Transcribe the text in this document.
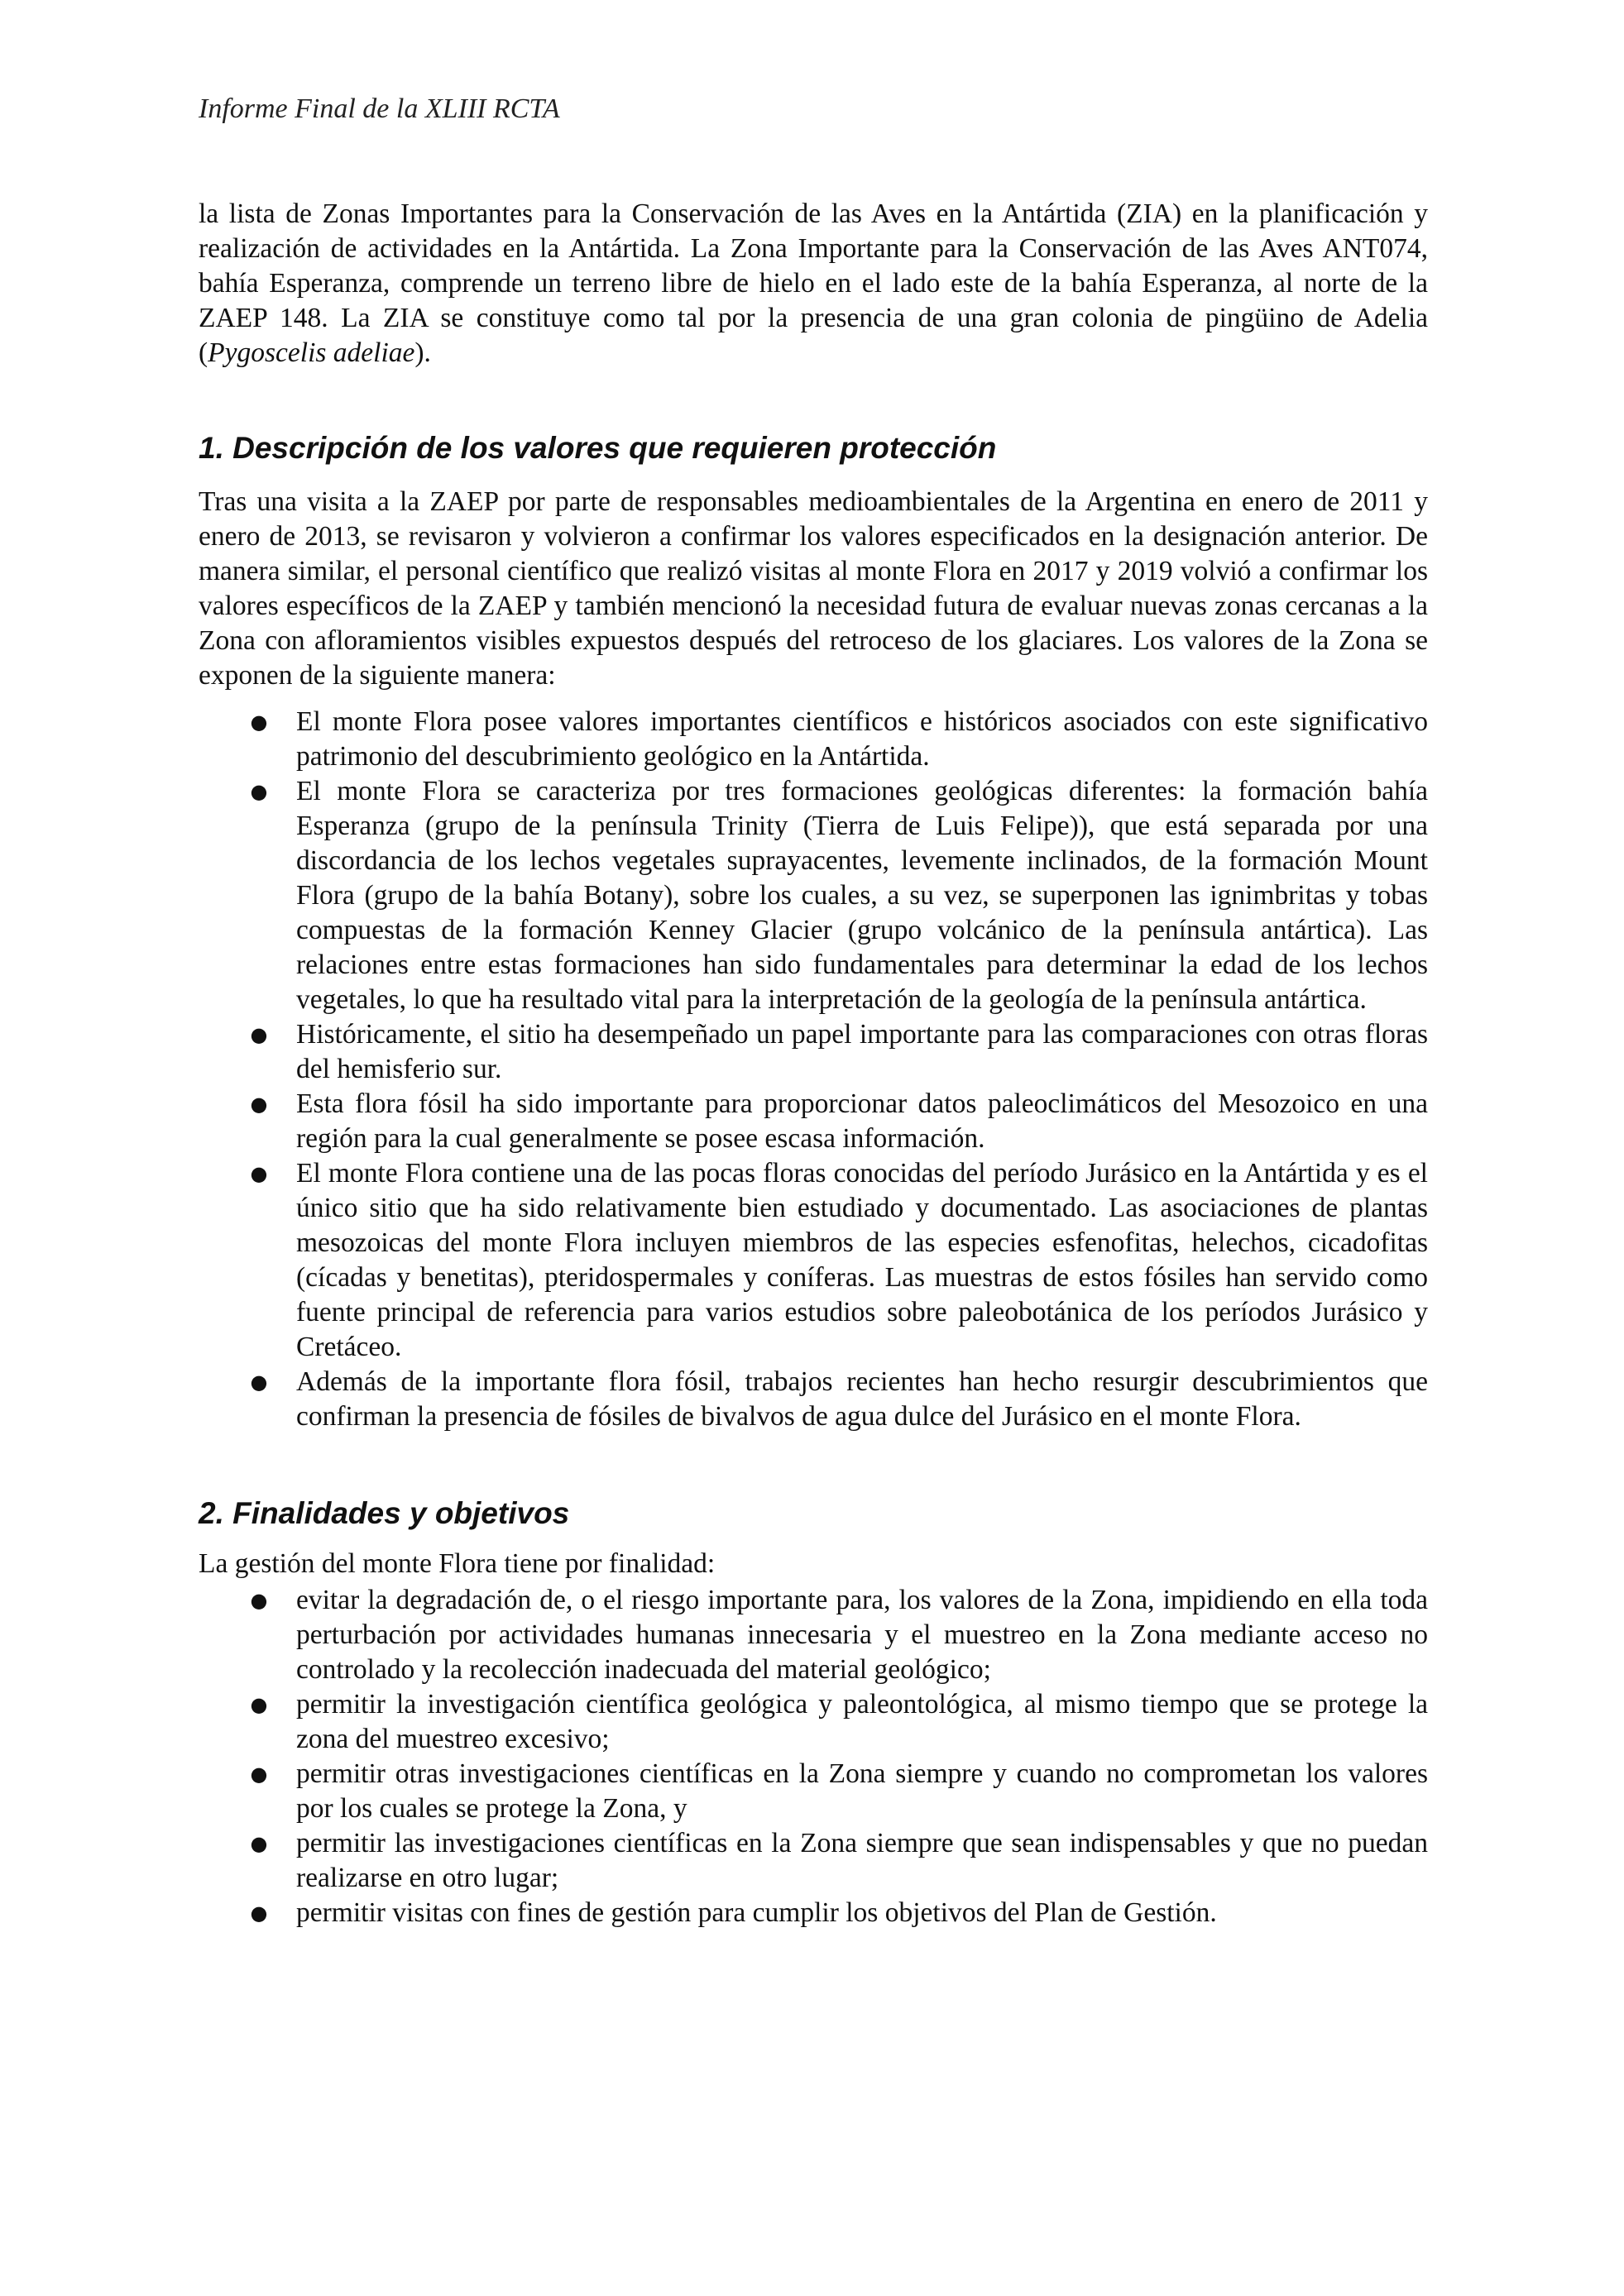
Informe Final de la XLIII RCTA

la lista de Zonas Importantes para la Conservación de las Aves en la Antártida (ZIA) en la planificación y realización de actividades en la Antártida. La Zona Importante para la Conservación de las Aves ANT074, bahía Esperanza, comprende un terreno libre de hielo en el lado este de la bahía Esperanza, al norte de la ZAEP 148. La ZIA se constituye como tal por la presencia de una gran colonia de pingüino de Adelia (Pygoscelis adeliae).

1. Descripción de los valores que requieren protección

Tras una visita a la ZAEP por parte de responsables medioambientales de la Argentina en enero de 2011 y enero de 2013, se revisaron y volvieron a confirmar los valores especificados en la designación anterior. De manera similar, el personal científico que realizó visitas al monte Flora en 2017 y 2019 volvió a confirmar los valores específicos de la ZAEP y también mencionó la necesidad futura de evaluar nuevas zonas cercanas a la Zona con afloramientos visibles expuestos después del retroceso de los glaciares. Los valores de la Zona se exponen de la siguiente manera:

● El monte Flora posee valores importantes científicos e históricos asociados con este significativo patrimonio del descubrimiento geológico en la Antártida.
● El monte Flora se caracteriza por tres formaciones geológicas diferentes: la formación bahía Esperanza (grupo de la península Trinity (Tierra de Luis Felipe)), que está separada por una discordancia de los lechos vegetales suprayacentes, levemente inclinados, de la formación Mount Flora (grupo de la bahía Botany), sobre los cuales, a su vez, se superponen las ignimbritas y tobas compuestas de la formación Kenney Glacier (grupo volcánico de la península antártica). Las relaciones entre estas formaciones han sido fundamentales para determinar la edad de los lechos vegetales, lo que ha resultado vital para la interpretación de la geología de la península antártica.
● Históricamente, el sitio ha desempeñado un papel importante para las comparaciones con otras floras del hemisferio sur.
● Esta flora fósil ha sido importante para proporcionar datos paleoclimáticos del Mesozoico en una región para la cual generalmente se posee escasa información.
● El monte Flora contiene una de las pocas floras conocidas del período Jurásico en la Antártida y es el único sitio que ha sido relativamente bien estudiado y documentado. Las asociaciones de plantas mesozoicas del monte Flora incluyen miembros de las especies esfenofitas, helechos, cicadofitas (cícadas y benetitas), pteridospermales y coníferas. Las muestras de estos fósiles han servido como fuente principal de referencia para varios estudios sobre paleobotánica de los períodos Jurásico y Cretáceo.
● Además de la importante flora fósil, trabajos recientes han hecho resurgir descubrimientos que confirman la presencia de fósiles de bivalvos de agua dulce del Jurásico en el monte Flora.
2. Finalidades y objetivos

La gestión del monte Flora tiene por finalidad:

● evitar la degradación de, o el riesgo importante para, los valores de la Zona, impidiendo en ella toda perturbación por actividades humanas innecesaria y el muestreo en la Zona mediante acceso no controlado y la recolección inadecuada del material geológico;
● permitir la investigación científica geológica y paleontológica, al mismo tiempo que se protege la zona del muestreo excesivo;
● permitir otras investigaciones científicas en la Zona siempre y cuando no comprometan los valores por los cuales se protege la Zona, y
● permitir las investigaciones científicas en la Zona siempre que sean indispensables y que no puedan realizarse en otro lugar;
● permitir visitas con fines de gestión para cumplir los objetivos del Plan de Gestión.
